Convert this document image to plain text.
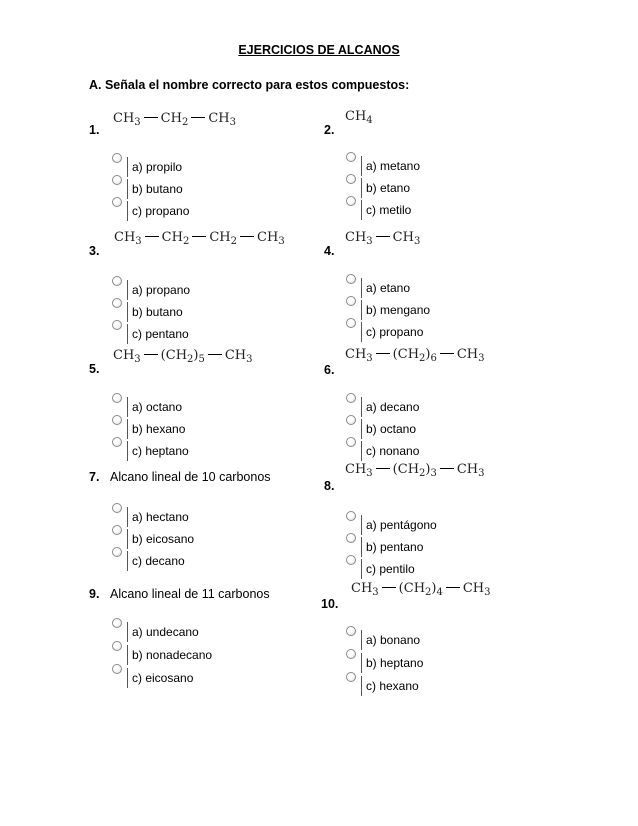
EJERCICIOS DE ALCANOS
A. Señala el nombre correcto para estos compuestos:
1.
$CH_3$ $CH_2$ $CH_3$
a) propilo
b) butano
c) propano
2.
$CH_4$
a) metano
b) etano
c) metilo
3.
$CH_3$ $CH_2$ $CH_2$ $CH_3$
a) propano
b) butano
c) pentano
4.
$CH_3$ $CH_3$
a) etano
b) mengano
c) propano
5.
$CH_3$ $(CH_2)_5$ $CH_3$
a) octano
b) hexano
c) heptano
6.
$CH_3$ $(CH_2)_6$ $CH_3$
a) decano
b) octano
c) nonano
7. Alcano lineal de 10 carbonos
a) hectano
b) eicosano
c) decano
8.
$CH_3$ $(CH_2)_3$ $CH_3$
a) pentágono
b) pentano
c) pentilo
9. Alcano lineal de 11 carbonos
a) undecano
b) nonadecano
c) eicosano
10.
$CH_3$ $(CH_2)_4$ $CH_3$
a) bonano
b) heptano
c) hexano
